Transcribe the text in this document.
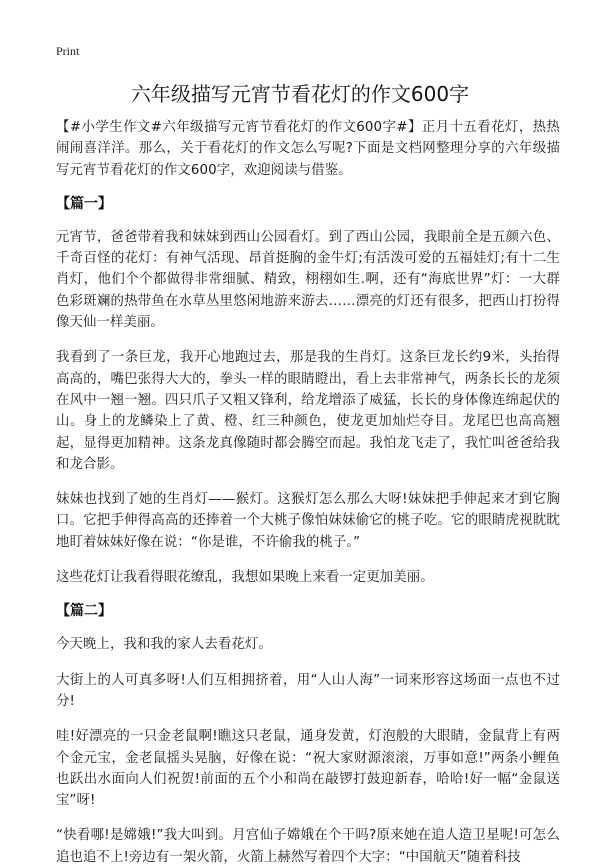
Print
六年级描写元宵节看花灯的作文600字

【#小学生作文#六年级描写元宵节看花灯的作文600字#】正月十五看花灯，热热闹闹喜洋洋。那么，关于看花灯的作文怎么写呢?下面是文档网整理分享的六年级描写元宵节看花灯的作文600字，欢迎阅读与借鉴。

【篇一】

元宵节，爸爸带着我和妹妹到西山公园看灯。到了西山公园，我眼前全是五颜六色、千奇百怪的花灯：有神气活现、昂首挺胸的金牛灯;有活泼可爱的五福娃灯;有十二生肖灯，他们个个都做得非常细腻、精致，栩栩如生.啊，还有“海底世界”灯：一大群色彩斑斓的热带鱼在水草丛里悠闲地游来游去……漂亮的灯还有很多，把西山打扮得像天仙一样美丽。

我看到了一条巨龙，我开心地跑过去，那是我的生肖灯。这条巨龙长约9米，头抬得高高的，嘴巴张得大大的，拳头一样的眼睛瞪出，看上去非常神气，两条长长的龙须在风中一翘一翘。四只爪子又粗又锋利，给龙增添了威猛，长长的身体像连绵起伏的山。身上的龙鳞染上了黄、橙、红三种颜色，使龙更加灿烂夺目。龙尾巴也高高翘起，显得更加精神。这条龙真像随时都会腾空而起。我怕龙飞走了，我忙叫爸爸给我和龙合影。

妹妹也找到了她的生肖灯——猴灯。这猴灯怎么那么大呀!妹妹把手伸起来才到它胸口。它把手伸得高高的还捧着一个大桃子像怕妹妹偷它的桃子吃。它的眼睛虎视眈眈地盯着妹妹好像在说：“你是谁，不许偷我的桃子。”

这些花灯让我看得眼花缭乱，我想如果晚上来看一定更加美丽。

【篇二】

今天晚上，我和我的家人去看花灯。

大街上的人可真多呀!人们互相拥挤着，用“人山人海”一词来形容这场面一点也不过分!

哇!好漂亮的一只金老鼠啊!瞧这只老鼠，通身发黄，灯泡般的大眼睛，金鼠背上有两个金元宝，金老鼠摇头晃脑，好像在说：“祝大家财源滚滚，万事如意!”两条小鲤鱼也跃出水面向人们祝贺!前面的五个小和尚在敲锣打鼓迎新春，哈哈!好一幅“金鼠送宝”呀!

“快看哪!是嫦娥!”我大叫到。月宫仙子嫦娥在个干吗?原来她在追人造卫星呢!可怎么追也追不上!旁边有一架火箭，火箭上赫然写着四个大字：“中国航天”随着科技
